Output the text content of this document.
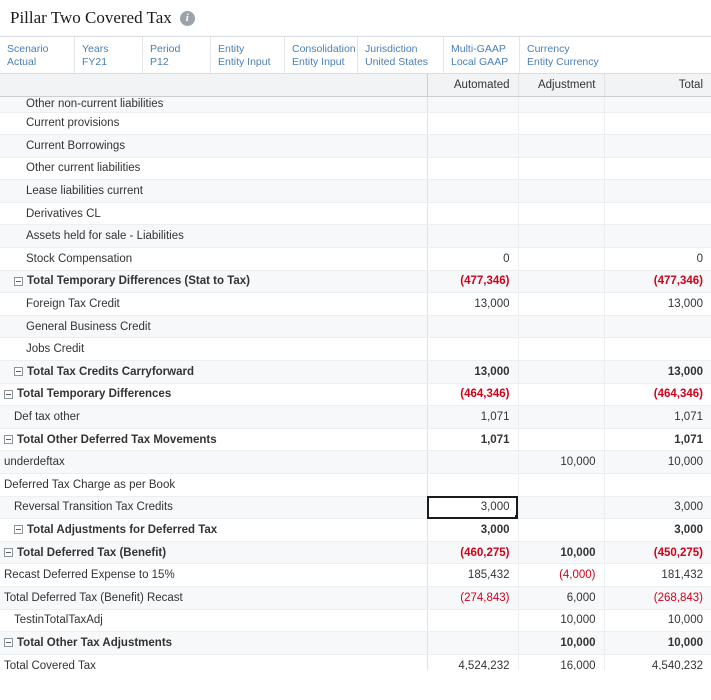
Pillar Two Covered Tax	i
Scenario
Actual
Years
FY21
Period
P12
Entity
Entity Input
Consolidation
Entity Input
Jurisdiction
United States
Multi-GAAP
Local GAAP
Currency
Entity Currency
	Automated	Adjustment	Total

Other non-current liabilities			

Current provisions			

Current Borrowings			

Other current liabilities			

Lease liabilities current			

Derivatives CL			

Assets held for sale - Liabilities			

Stock Compensation	0		0

Total Temporary Differences (Stat to Tax)	(477,346)		(477,346)

Foreign Tax Credit	13,000		13,000

General Business Credit			

Jobs Credit			

Total Tax Credits Carryforward	13,000		13,000

Total Temporary Differences	(464,346)		(464,346)

Def tax other	1,071		1,071

Total Other Deferred Tax Movements	1,071		1,071

underdeftax		10,000	10,000

Deferred Tax Charge as per Book			

Reversal Transition Tax Credits	3,000		3,000

Total Adjustments for Deferred Tax	3,000		3,000

Total Deferred Tax (Benefit)	(460,275)	10,000	(450,275)

Recast Deferred Expense to 15%	185,432	(4,000)	181,432

Total Deferred Tax (Benefit) Recast	(274,843)	6,000	(268,843)

TestinTotalTaxAdj		10,000	10,000

Total Other Tax Adjustments		10,000	10,000

Total Covered Tax	4,524,232	16,000	4,540,232
